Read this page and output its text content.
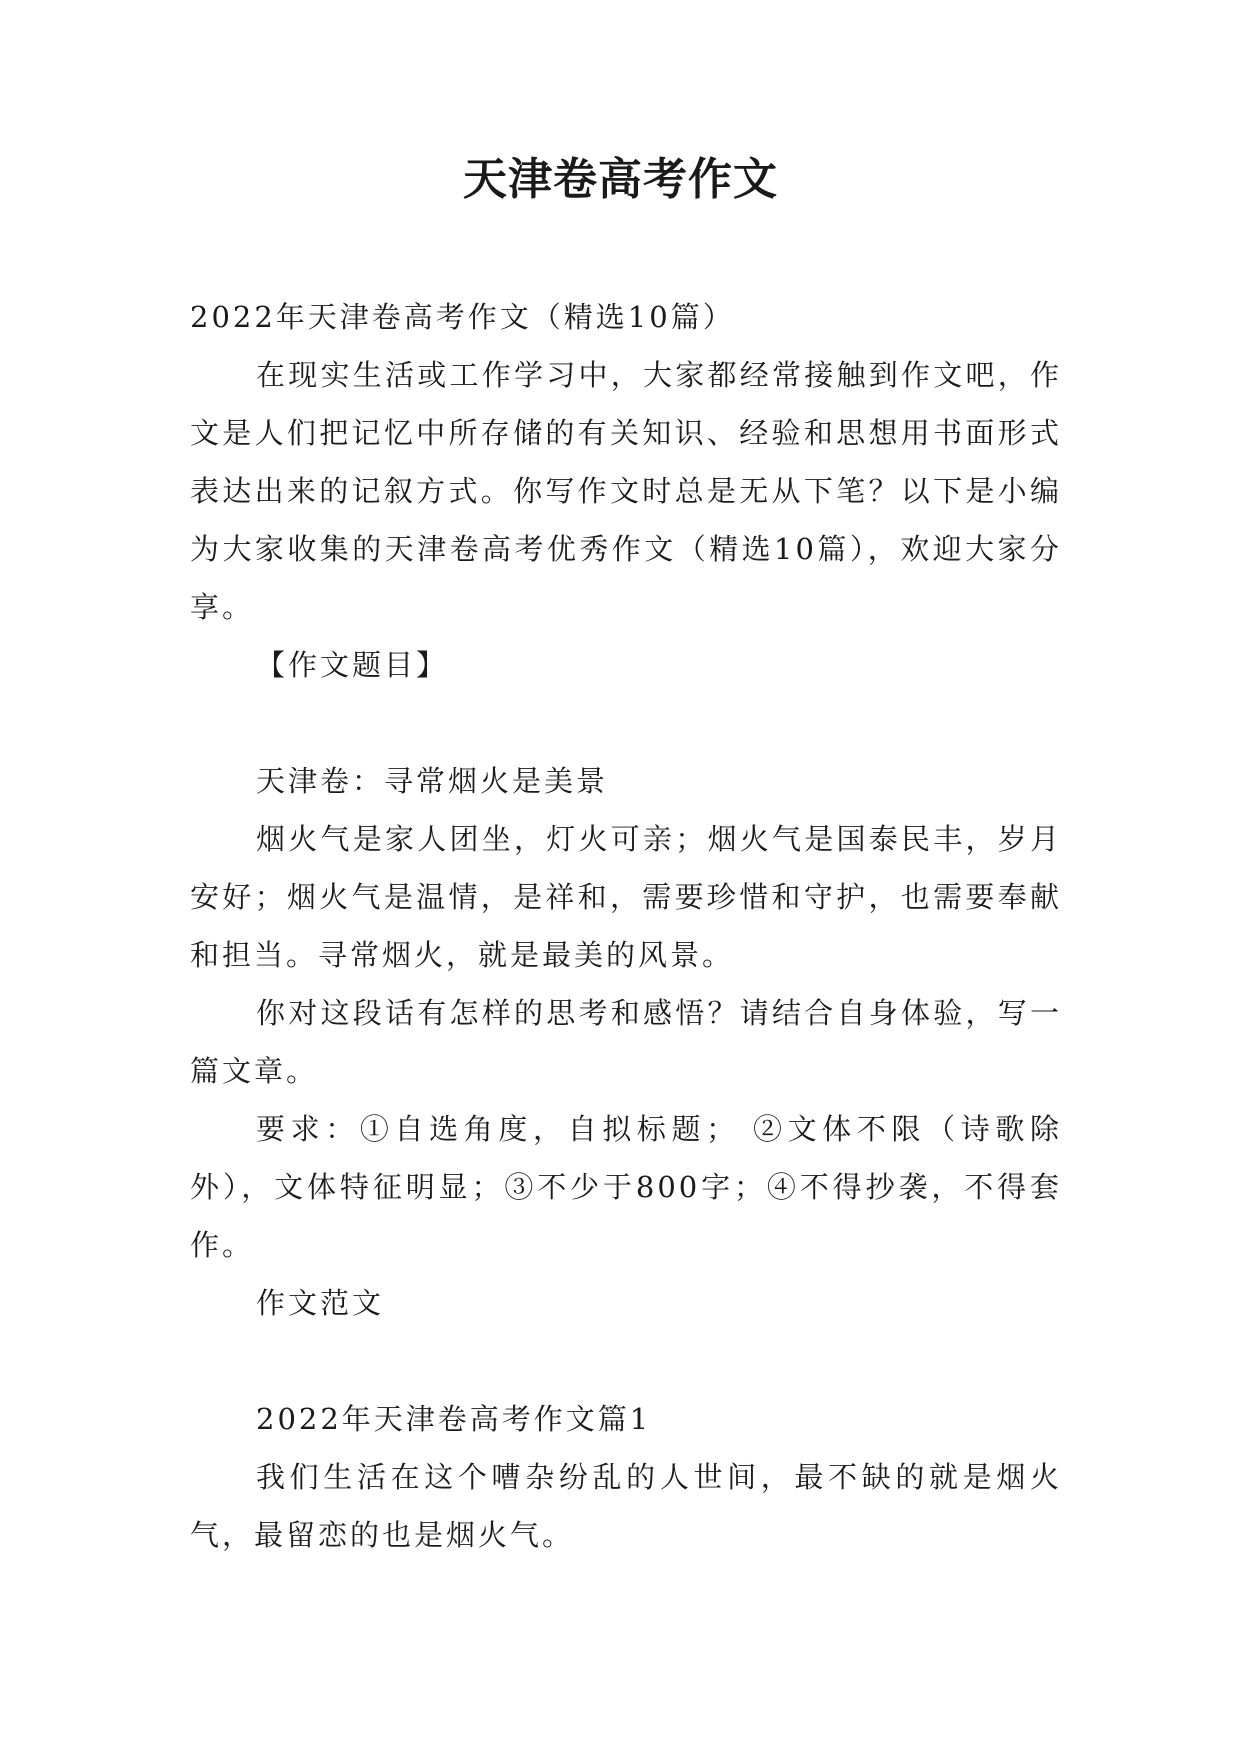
天津卷高考作文

2022年天津卷高考作文（精选10篇）

在现实生活或工作学习中，大家都经常接触到作文吧，作文是人们把记忆中所存储的有关知识、经验和思想用书面形式表达出来的记叙方式。你写作文时总是无从下笔？以下是小编为大家收集的天津卷高考优秀作文（精选10篇），欢迎大家分享。

【作文题目】

天津卷：寻常烟火是美景

烟火气是家人团坐，灯火可亲；烟火气是国泰民丰，岁月安好；烟火气是温情，是祥和，需要珍惜和守护，也需要奉献和担当。寻常烟火，就是最美的风景。

你对这段话有怎样的思考和感悟？请结合自身体验，写一篇文章。

要求：①自选角度，自拟标题； ②文体不限（诗歌除外），文体特征明显；③不少于800字；④不得抄袭，不得套作。

作文范文

2022年天津卷高考作文篇1

我们生活在这个嘈杂纷乱的人世间，最不缺的就是烟火气，最留恋的也是烟火气。
